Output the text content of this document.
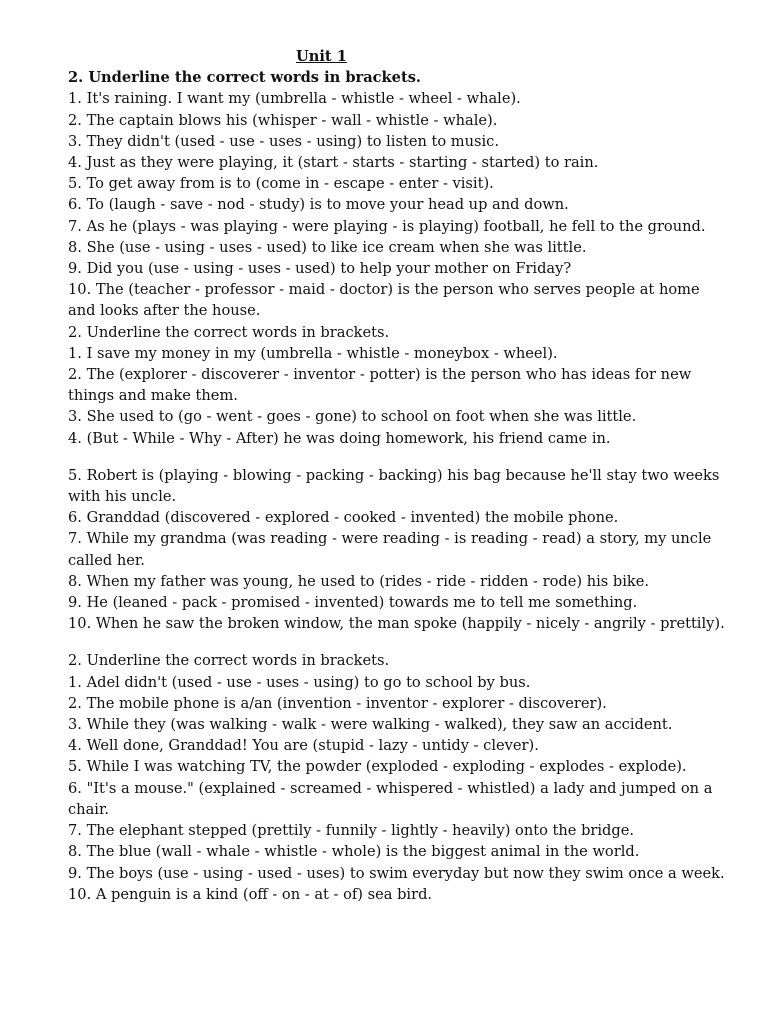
Unit 1
2. Underline the correct words in brackets.
1. It's raining. I want my (umbrella - whistle - wheel - whale).
2. The captain blows his (whisper - wall - whistle - whale).
3. They didn't (used - use - uses - using) to listen to music.
4. Just as they were playing, it (start - starts - starting - started) to rain.
5. To get away from is to (come in - escape - enter - visit).
6. To (laugh - save - nod - study) is to move your head up and down.
7. As he (plays - was playing - were playing - is playing) football, he fell to the ground.
8. She (use - using - uses - used) to like ice cream when she was little.
9. Did you (use - using - uses - used) to help your mother on Friday?
10. The (teacher - professor - maid - doctor) is the person who serves people at home and looks after the house.
2. Underline the correct words in brackets.
1. I save my money in my (umbrella - whistle - moneybox - wheel).
2. The (explorer - discoverer - inventor - potter) is the person who has ideas for new things and make them.
3. She used to (go - went - goes - gone) to school on foot when she was little.
4. (But - While - Why - After) he was doing homework, his friend came in.
5. Robert is (playing - blowing - packing - backing) his bag because he'll stay two weeks with his uncle.
6. Granddad (discovered - explored - cooked - invented) the mobile phone.
7. While my grandma (was reading - were reading - is reading - read) a story, my uncle called her.
8. When my father was young, he used to (rides - ride - ridden - rode) his bike.
9. He (leaned - pack - promised - invented) towards me to tell me something.
10. When he saw the broken window, the man spoke (happily - nicely - angrily - prettily).
2. Underline the correct words in brackets.
1. Adel didn't (used - use - uses - using) to go to school by bus.
2. The mobile phone is a/an (invention - inventor - explorer - discoverer).
3. While they (was walking - walk - were walking - walked), they saw an accident.
4. Well done, Granddad! You are (stupid - lazy - untidy - clever).
5. While I was watching TV, the powder (exploded - exploding - explodes - explode).
6. "It's a mouse." (explained - screamed - whispered - whistled) a lady and jumped on a chair.
7. The elephant stepped (prettily - funnily - lightly - heavily) onto the bridge.
8. The blue (wall - whale - whistle - whole) is the biggest animal in the world.
9. The boys (use - using - used - uses) to swim everyday but now they swim once a week.
10. A penguin is a kind (off - on - at - of) sea bird.
